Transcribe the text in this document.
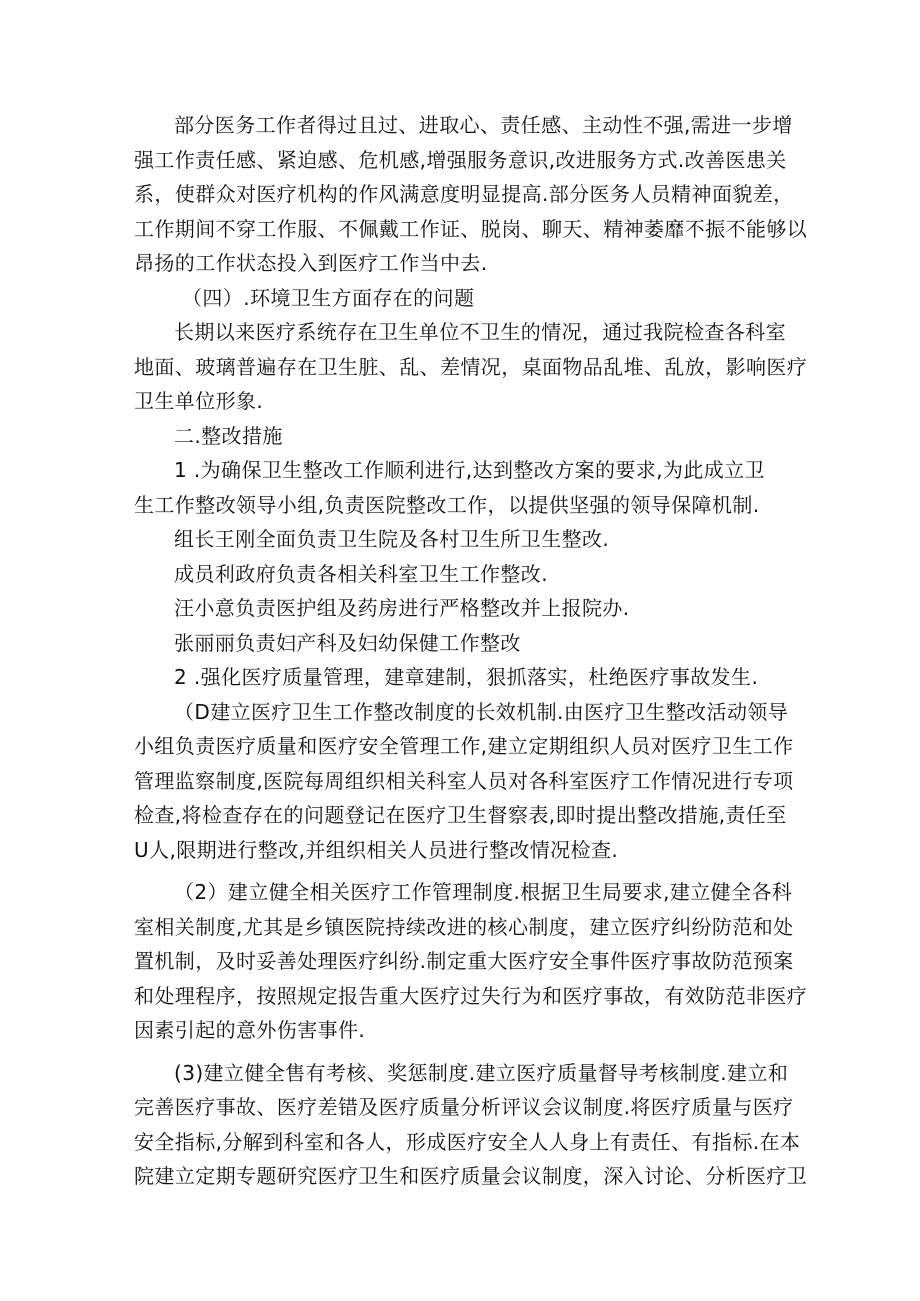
部分医务工作者得过且过、进取心、责任感、主动性不强,需进一步增
强工作责任感、紧迫感、危机感,增强服务意识,改进服务方式.改善医患关
系，使群众对医疗机构的作风满意度明显提高.部分医务人员精神面貌差，
工作期间不穿工作服、不佩戴工作证、脱岗、聊天、精神萎靡不振不能够以
昂扬的工作状态投入到医疗工作当中去.
（四）.环境卫生方面存在的问题
长期以来医疗系统存在卫生单位不卫生的情况，通过我院检查各科室
地面、玻璃普遍存在卫生脏、乱、差情况，桌面物品乱堆、乱放，影响医疗
卫生单位形象.
二.整改措施
1 .为确保卫生整改工作顺利进行,达到整改方案的要求,为此成立卫
生工作整改领导小组,负责医院整改工作，以提供坚强的领导保障机制.
组长王刚全面负责卫生院及各村卫生所卫生整改.
成员利政府负责各相关科室卫生工作整改.
汪小意负责医护组及药房进行严格整改并上报院办.
张丽丽负责妇产科及妇幼保健工作整改
2 .强化医疗质量管理，建章建制，狠抓落实，杜绝医疗事故发生.
（D建立医疗卫生工作整改制度的长效机制.由医疗卫生整改活动领导
小组负责医疗质量和医疗安全管理工作,建立定期组织人员对医疗卫生工作
管理监察制度,医院每周组织相关科室人员对各科室医疗工作情况进行专项
检查,将检查存在的问题登记在医疗卫生督察表,即时提出整改措施,责任至
U人,限期进行整改,并组织相关人员进行整改情况检查.
（2）建立健全相关医疗工作管理制度.根据卫生局要求,建立健全各科
室相关制度,尤其是乡镇医院持续改进的核心制度，建立医疗纠纷防范和处
置机制，及时妥善处理医疗纠纷.制定重大医疗安全事件医疗事故防范预案
和处理程序，按照规定报告重大医疗过失行为和医疗事故，有效防范非医疗
因素引起的意外伤害事件.
(3)建立健全售有考核、奖惩制度.建立医疗质量督导考核制度.建立和
完善医疗事故、医疗差错及医疗质量分析评议会议制度.将医疗质量与医疗
安全指标,分解到科室和各人，形成医疗安全人人身上有责任、有指标.在本
院建立定期专题研究医疗卫生和医疗质量会议制度，深入讨论、分析医疗卫
